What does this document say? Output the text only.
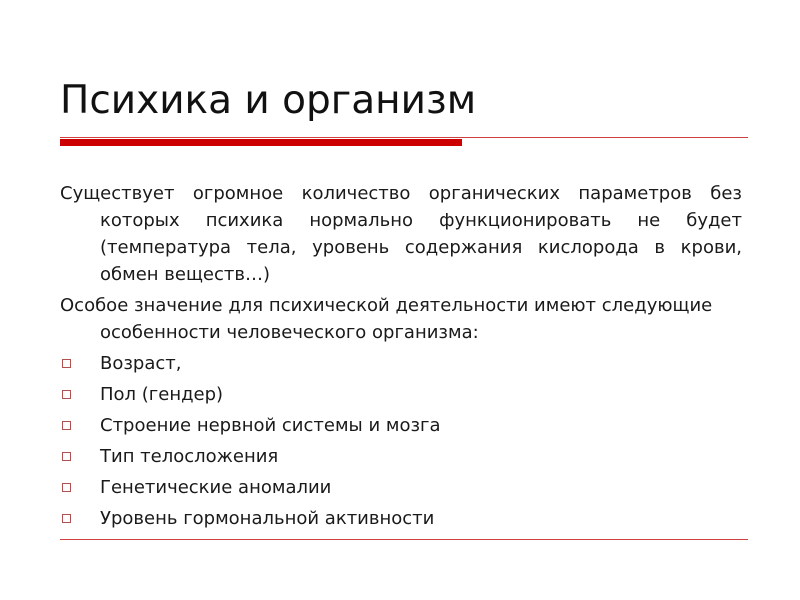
Психика и организм

Существует огромное количество органических параметров без которых психика нормально функционировать не будет (температура тела, уровень содержания кислорода в крови, обмен веществ…)

Особое значение для психической деятельности имеют следующие особенности человеческого организма:

Возраст,
Пол (гендер)
Строение нервной системы и мозга
Тип телосложения
Генетические аномалии
Уровень гормональной активности
